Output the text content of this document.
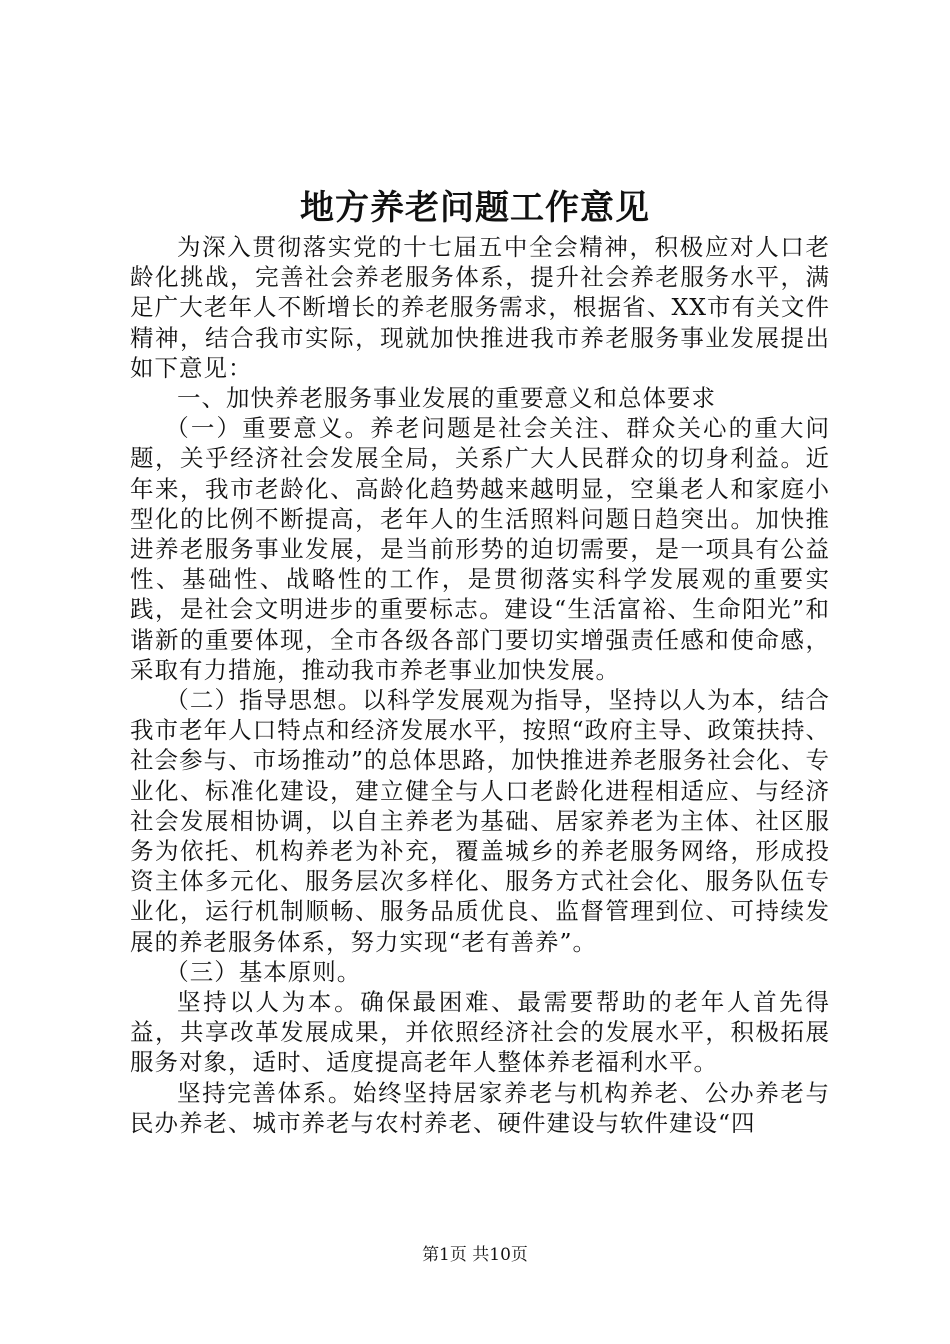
地方养老问题工作意见

为深入贯彻落实党的十七届五中全会精神，积极应对人口老龄化挑战，完善社会养老服务体系，提升社会养老服务水平，满足广大老年人不断增长的养老服务需求，根据省、XX市有关文件精神，结合我市实际，现就加快推进我市养老服务事业发展提出如下意见：

一、加快养老服务事业发展的重要意义和总体要求

（一）重要意义。养老问题是社会关注、群众关心的重大问题，关乎经济社会发展全局，关系广大人民群众的切身利益。近年来，我市老龄化、高龄化趋势越来越明显，空巢老人和家庭小型化的比例不断提高，老年人的生活照料问题日趋突出。加快推进养老服务事业发展，是当前形势的迫切需要，是一项具有公益性、基础性、战略性的工作，是贯彻落实科学发展观的重要实践，是社会文明进步的重要标志。建设“生活富裕、生命阳光”和谐新的重要体现，全市各级各部门要切实增强责任感和使命感，采取有力措施，推动我市养老事业加快发展。

（二）指导思想。以科学发展观为指导，坚持以人为本，结合我市老年人口特点和经济发展水平，按照“政府主导、政策扶持、社会参与、市场推动”的总体思路，加快推进养老服务社会化、专业化、标准化建设，建立健全与人口老龄化进程相适应、与经济社会发展相协调，以自主养老为基础、居家养老为主体、社区服务为依托、机构养老为补充，覆盖城乡的养老服务网络，形成投资主体多元化、服务层次多样化、服务方式社会化、服务队伍专业化，运行机制顺畅、服务品质优良、监督管理到位、可持续发展的养老服务体系，努力实现“老有善养”。

（三）基本原则。

坚持以人为本。确保最困难、最需要帮助的老年人首先得益，共享改革发展成果，并依照经济社会的发展水平，积极拓展服务对象，适时、适度提高老年人整体养老福利水平。

坚持完善体系。始终坚持居家养老与机构养老、公办养老与民办养老、城市养老与农村养老、硬件建设与软件建设“四

第1页 共10页
